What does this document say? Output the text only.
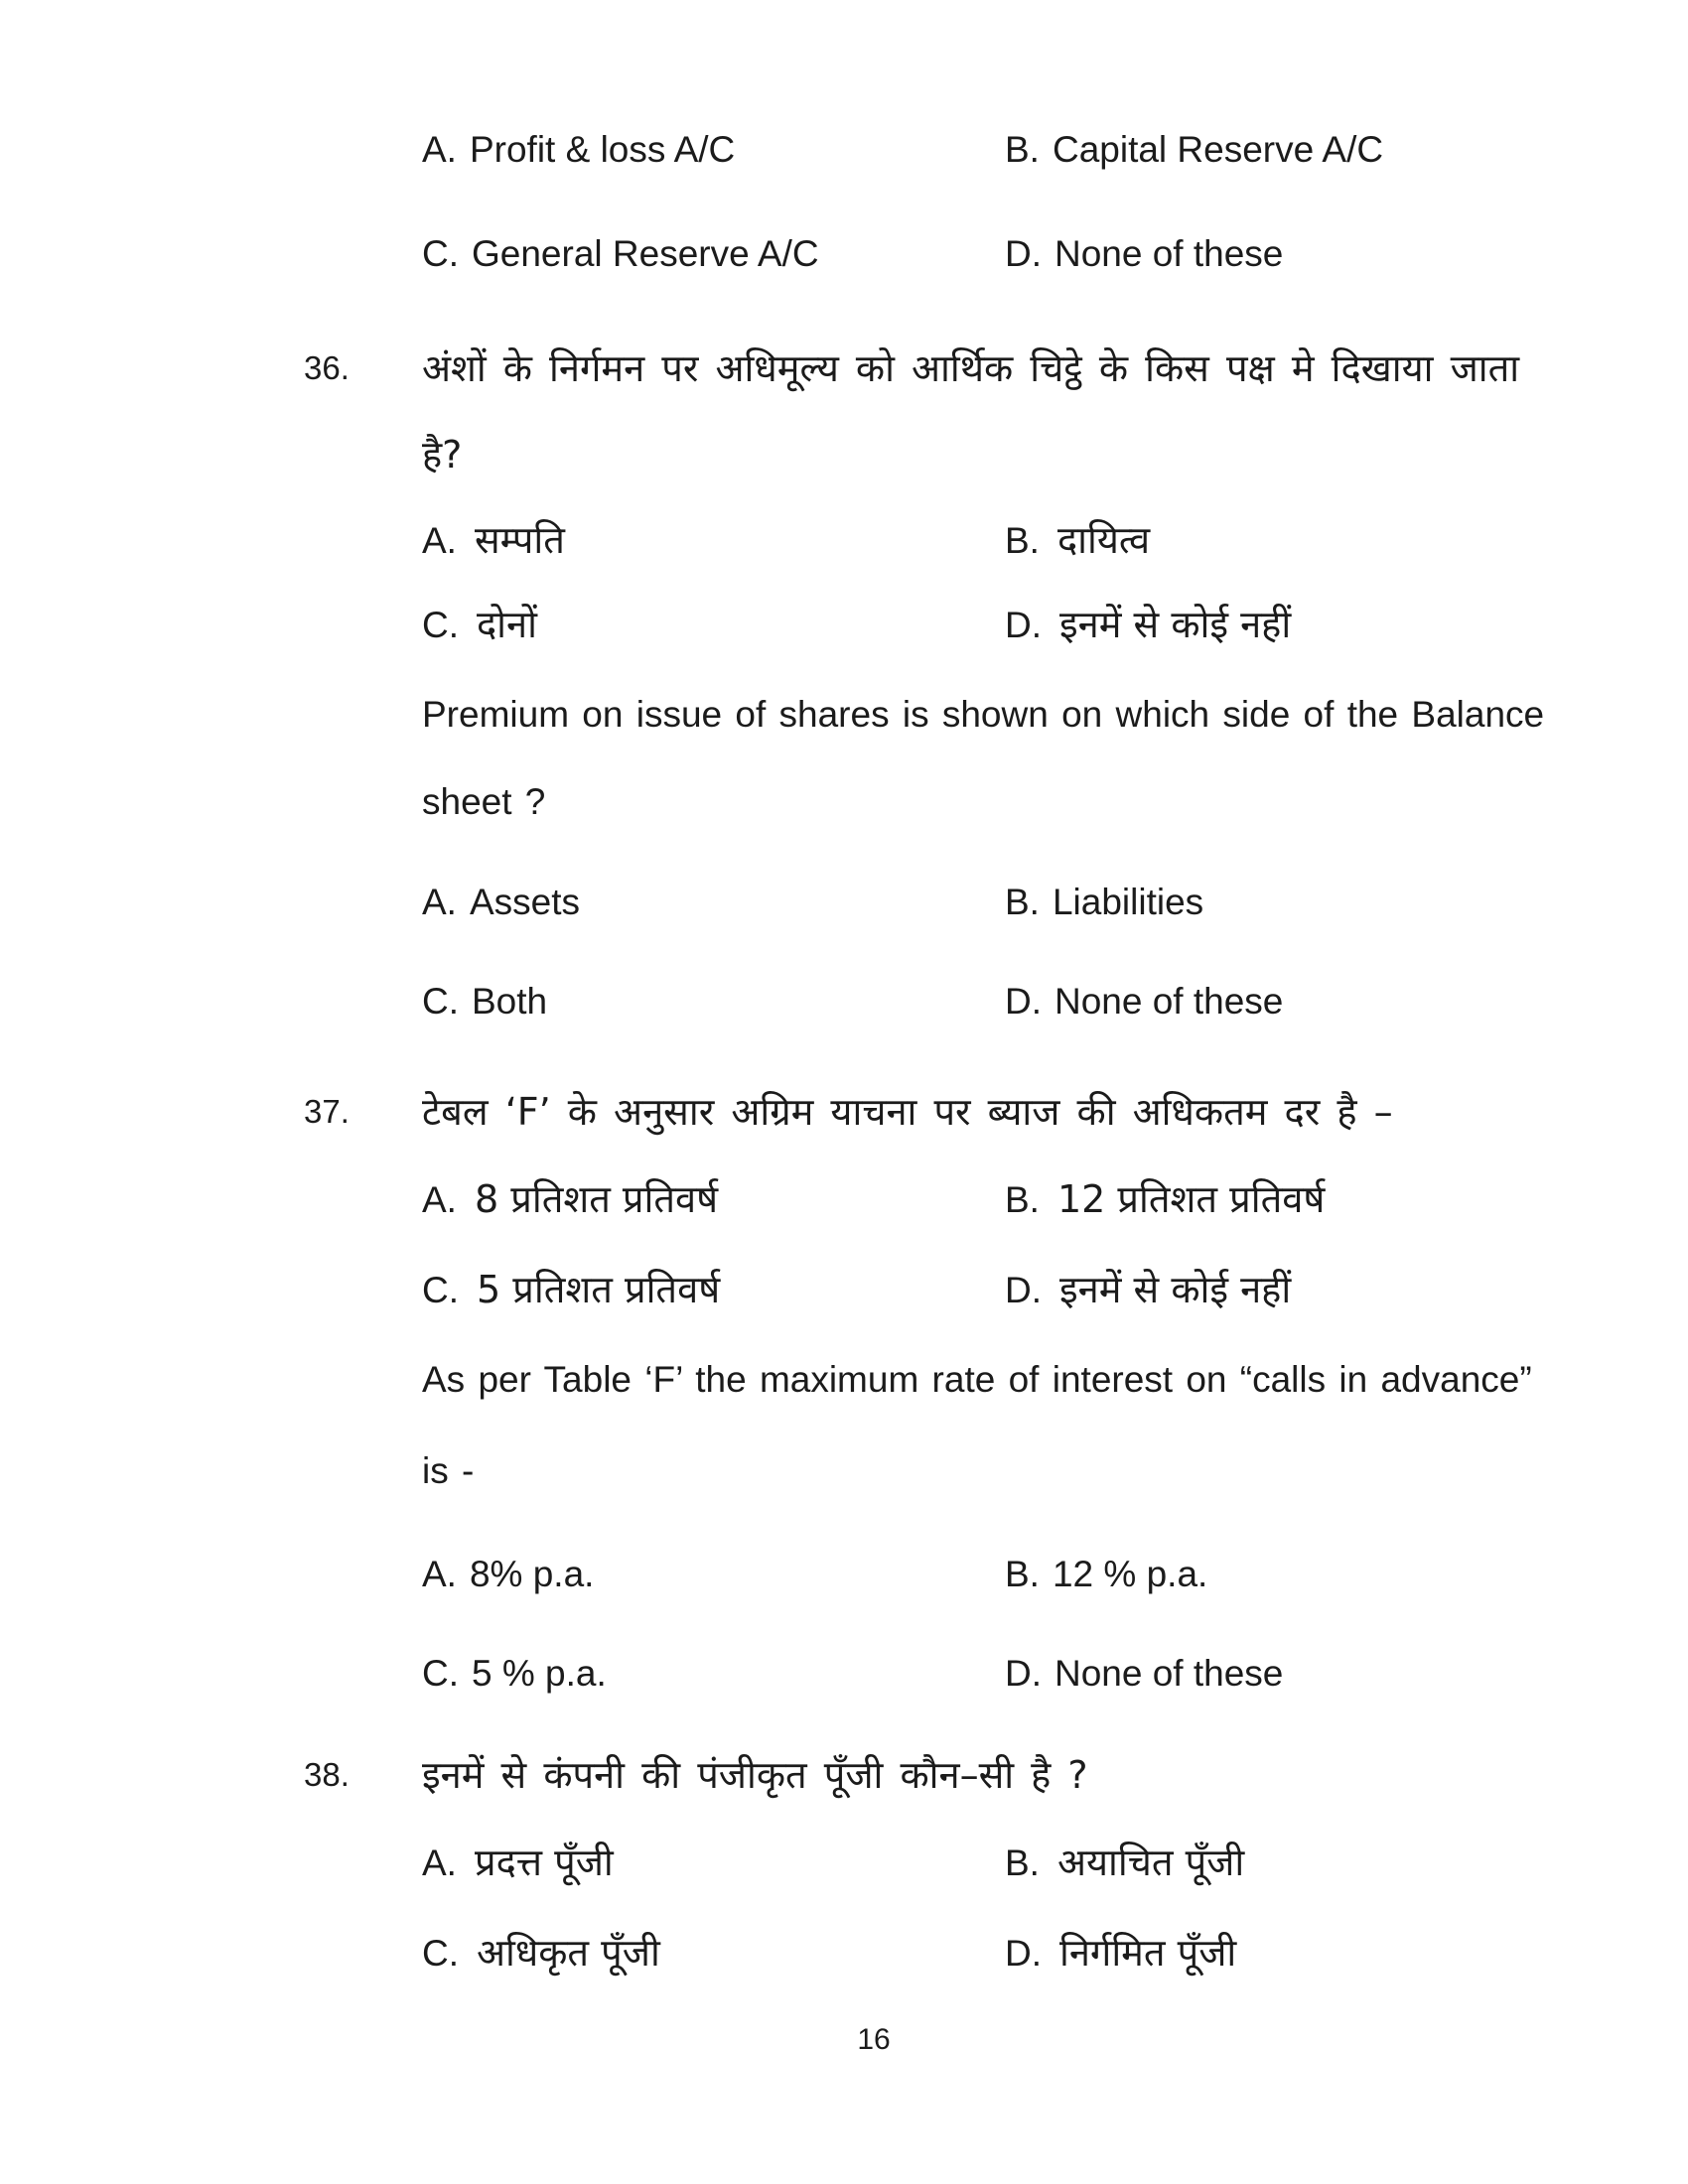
A. Profit & loss A/C	B. Capital Reserve A/C
C. General Reserve A/C	D. None of these
36. अंशों के निर्गमन पर अधिमूल्य को आर्थिक चिट्ठे के किस पक्ष मे दिखाया जाता
है?
A. सम्पति	B. दायित्व
C. दोनों	D. इनमें से कोई नहीं
Premium on issue of shares is shown on which side of the Balance
sheet ?
A. Assets	B. Liabilities
C. Both	D. None of these
37. टेबल ‘F’ के अनुसार अग्रिम याचना पर ब्याज की अधिकतम दर है –
A. 8 प्रतिशत प्रतिवर्ष	B. 12 प्रतिशत प्रतिवर्ष
C. 5 प्रतिशत प्रतिवर्ष	D. इनमें से कोई नहीं
As per Table ‘F’ the maximum rate of interest on “calls in advance”
is -
A. 8% p.a.	B. 12 % p.a.
C. 5 % p.a.	D. None of these
38. इनमें से कंपनी की पंजीकृत पूँजी कौन–सी है ?
A. प्रदत्त पूँजी	B. अयाचित पूँजी
C. अधिकृत पूँजी	D. निर्गमित पूँजी
16
